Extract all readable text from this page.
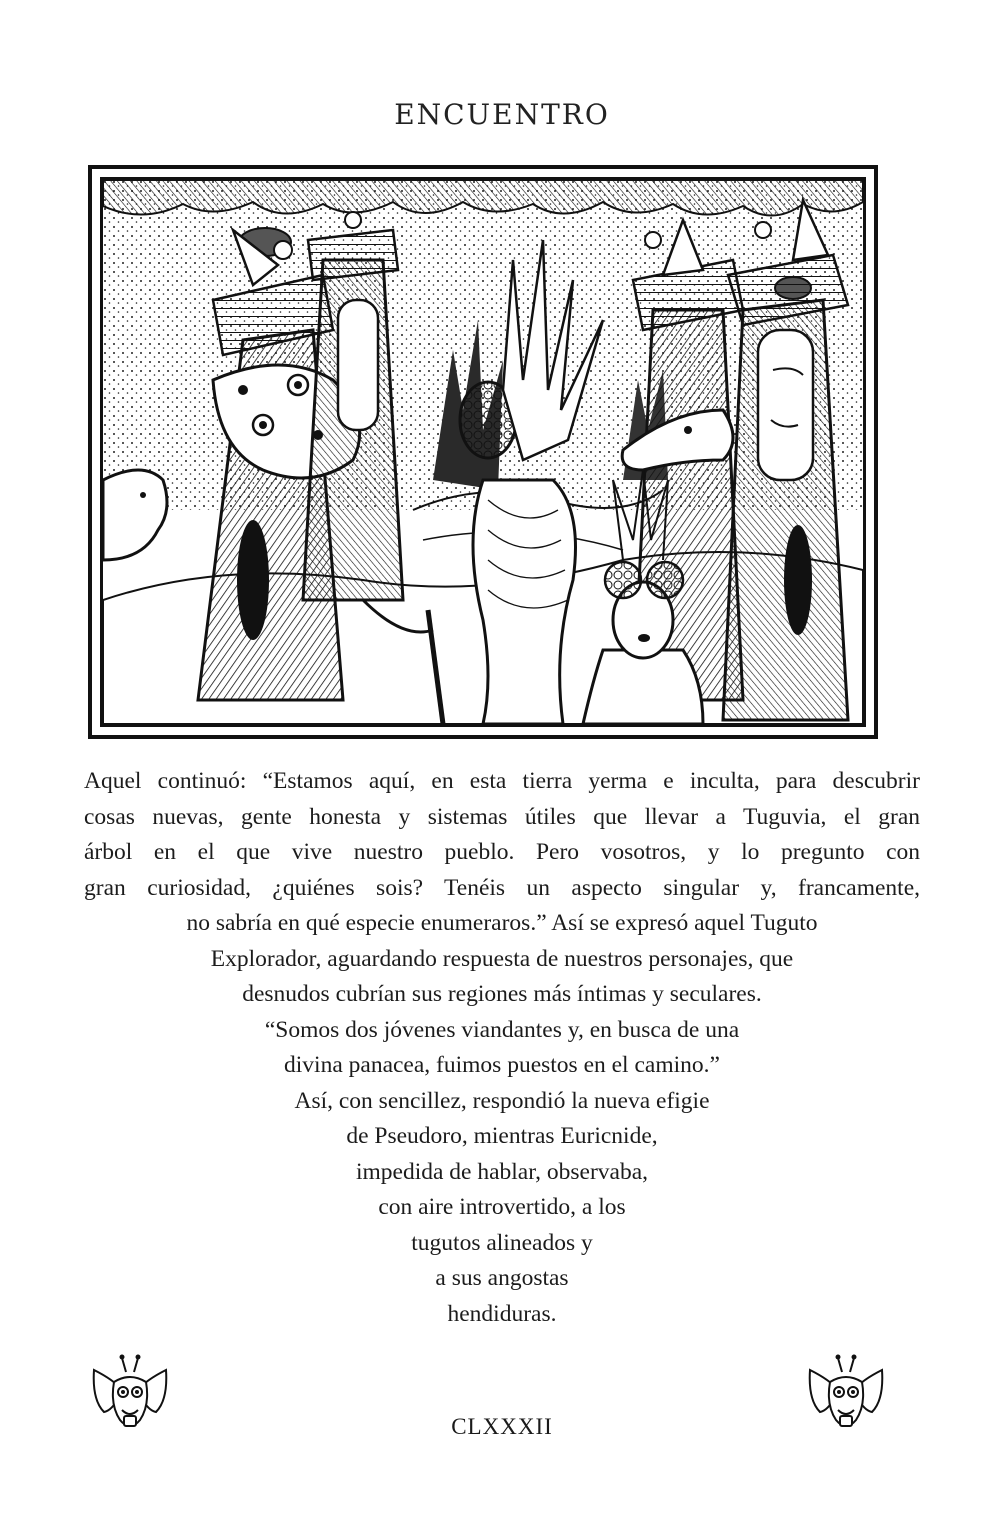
ENCUENTRO
Aquel continuó: “Estamos aquí, en esta tierra yerma e inculta, para descubrir
cosas nuevas, gente honesta y sistemas útiles que llevar a Tuguvia, el gran
árbol en el que vive nuestro pueblo. Pero vosotros, y lo pregunto con
gran curiosidad, ¿quiénes sois? Tenéis un aspecto singular y, francamente,
no sabría en qué especie enumeraros.” Así se expresó aquel Tuguto
Explorador, aguardando respuesta de nuestros personajes, que
desnudos cubrían sus regiones más íntimas y seculares.
“Somos dos jóvenes viandantes y, en busca de una
divina panacea, fuimos puestos en el camino.”
Así, con sencillez, respondió la nueva efigie
de Pseudoro, mientras Euricnide,
impedida de hablar, observaba,
con aire introvertido, a los
tugutos alineados y
a sus angostas
hendiduras.
CLXXXII
